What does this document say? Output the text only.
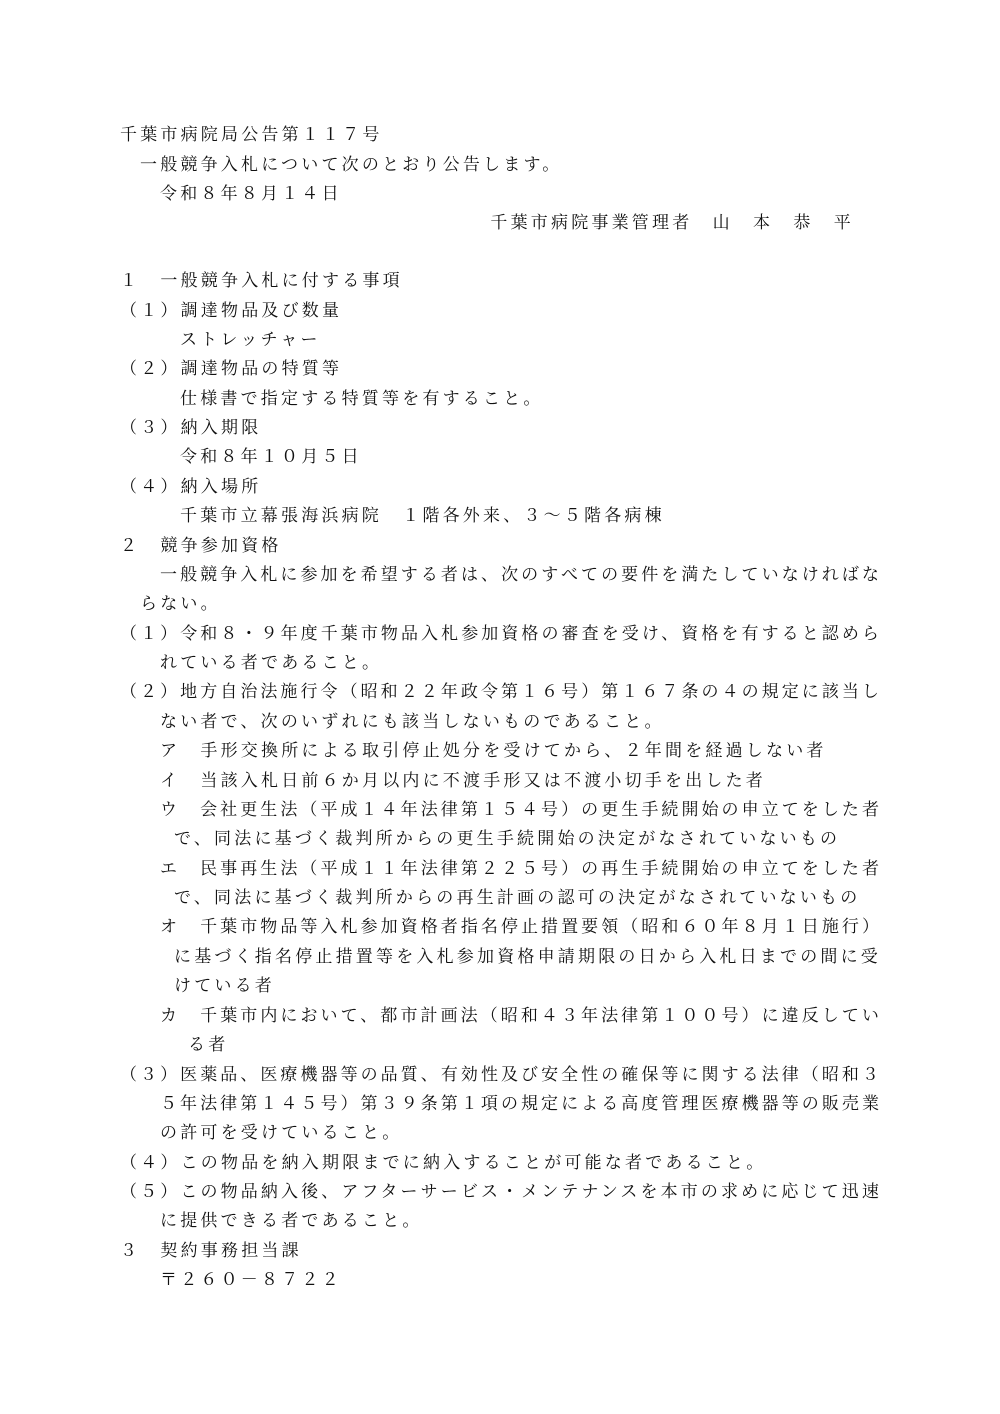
千葉市病院局公告第１１７号
一般競争入札について次のとおり公告します。
令和８年８月１４日
千葉市病院事業管理者　山　本　恭　平
１　一般競争入札に付する事項
（１）調達物品及び数量
ストレッチャー
（２）調達物品の特質等
仕様書で指定する特質等を有すること。
（３）納入期限
令和８年１０月５日
（４）納入場所
千葉市立幕張海浜病院　１階各外来、３～５階各病棟
２　競争参加資格
一般競争入札に参加を希望する者は、次のすべての要件を満たしていなければな
らない。
（１）令和８・９年度千葉市物品入札参加資格の審査を受け、資格を有すると認めら
れている者であること。
（２）地方自治法施行令（昭和２２年政令第１６号）第１６７条の４の規定に該当し
ない者で、次のいずれにも該当しないものであること。
ア　手形交換所による取引停止処分を受けてから、２年間を経過しない者
イ　当該入札日前６か月以内に不渡手形又は不渡小切手を出した者
ウ　会社更生法（平成１４年法律第１５４号）の更生手続開始の申立てをした者
で、同法に基づく裁判所からの更生手続開始の決定がなされていないもの
エ　民事再生法（平成１１年法律第２２５号）の再生手続開始の申立てをした者
で、同法に基づく裁判所からの再生計画の認可の決定がなされていないもの
オ　千葉市物品等入札参加資格者指名停止措置要領（昭和６０年８月１日施行）
に基づく指名停止措置等を入札参加資格申請期限の日から入札日までの間に受
けている者
カ　千葉市内において、都市計画法（昭和４３年法律第１００号）に違反してい
る者
（３）医薬品、医療機器等の品質、有効性及び安全性の確保等に関する法律（昭和３
５年法律第１４５号）第３９条第１項の規定による高度管理医療機器等の販売業
の許可を受けていること。
（４）この物品を納入期限までに納入することが可能な者であること。
（５）この物品納入後、アフターサービス・メンテナンスを本市の求めに応じて迅速
に提供できる者であること。
３　契約事務担当課
〒２６０－８７２２
